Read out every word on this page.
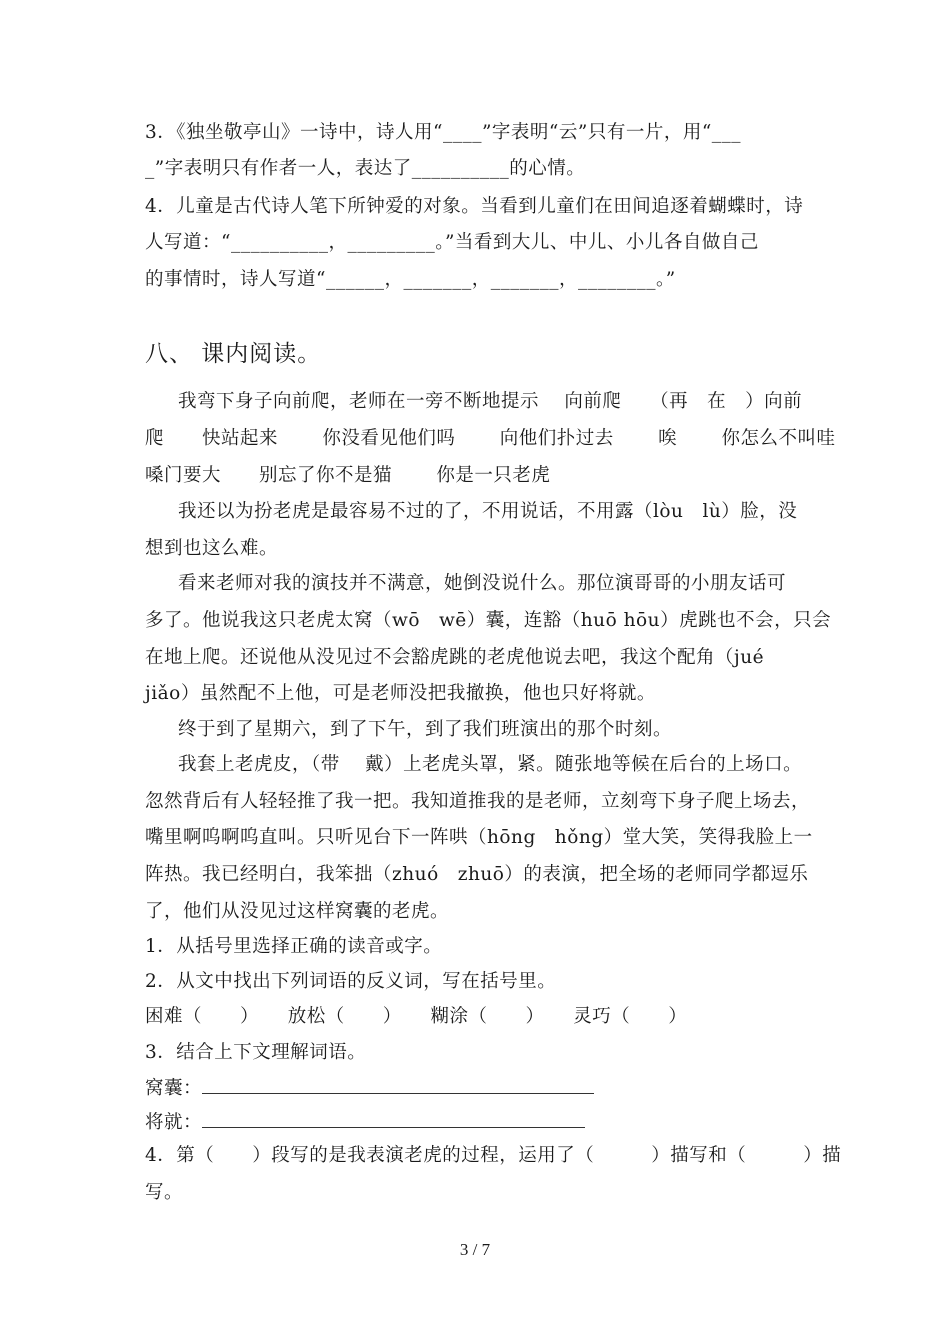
3．《独坐敬亭山》一诗中，诗人用“____”字表明“云”只有一片，用“___
_”字表明只有作者一人，表达了__________的心情。
4．儿童是古代诗人笔下所钟爱的对象。当看到儿童们在田间追逐着蝴蝶时，诗
人写道：“__________，_________。”当看到大儿、中儿、小儿各自做自己
的事情时，诗人写道“______，_______，_______，________。”
八、 课内阅读。
我弯下身子向前爬，老师在一旁不断地提示　 向前爬　　（再　在　）向前
爬　　快站起来　　 你没看见他们吗　　 向他们扑过去　　 唉　　 你怎么不叫哇
嗓门要大　　别忘了你不是猫　　 你是一只老虎
我还以为扮老虎是最容易不过的了，不用说话，不用露（lòu　lù）脸，没
想到也这么难。
看来老师对我的演技并不满意，她倒没说什么。那位演哥哥的小朋友话可
多了。他说我这只老虎太窝（wō　wē）囊，连豁（huō hōu）虎跳也不会，只会
在地上爬。还说他从没见过不会豁虎跳的老虎他说去吧，我这个配角（jué
jiǎo）虽然配不上他，可是老师没把我撤换，他也只好将就。
终于到了星期六，到了下午，到了我们班演出的那个时刻。
我套上老虎皮，（带　 戴）上老虎头罩，紧。随张地等候在后台的上场口。
忽然背后有人轻轻推了我一把。我知道推我的是老师，立刻弯下身子爬上场去，
嘴里啊呜啊呜直叫。只听见台下一阵哄（hōng　hǒng）堂大笑，笑得我脸上一
阵热。我已经明白，我笨拙（zhuó　zhuō）的表演，把全场的老师同学都逗乐
了，他们从没见过这样窝囊的老虎。
1．从括号里选择正确的读音或字。
2．从文中找出下列词语的反义词，写在括号里。
困难（　　）　　放松（　　）　　糊涂（　　）　　灵巧（　　）
3．结合上下文理解词语。
窝囊：
将就：
4．第（　　）段写的是我表演老虎的过程，运用了（　　　）描写和（　　　）描
写。
3 / 7
